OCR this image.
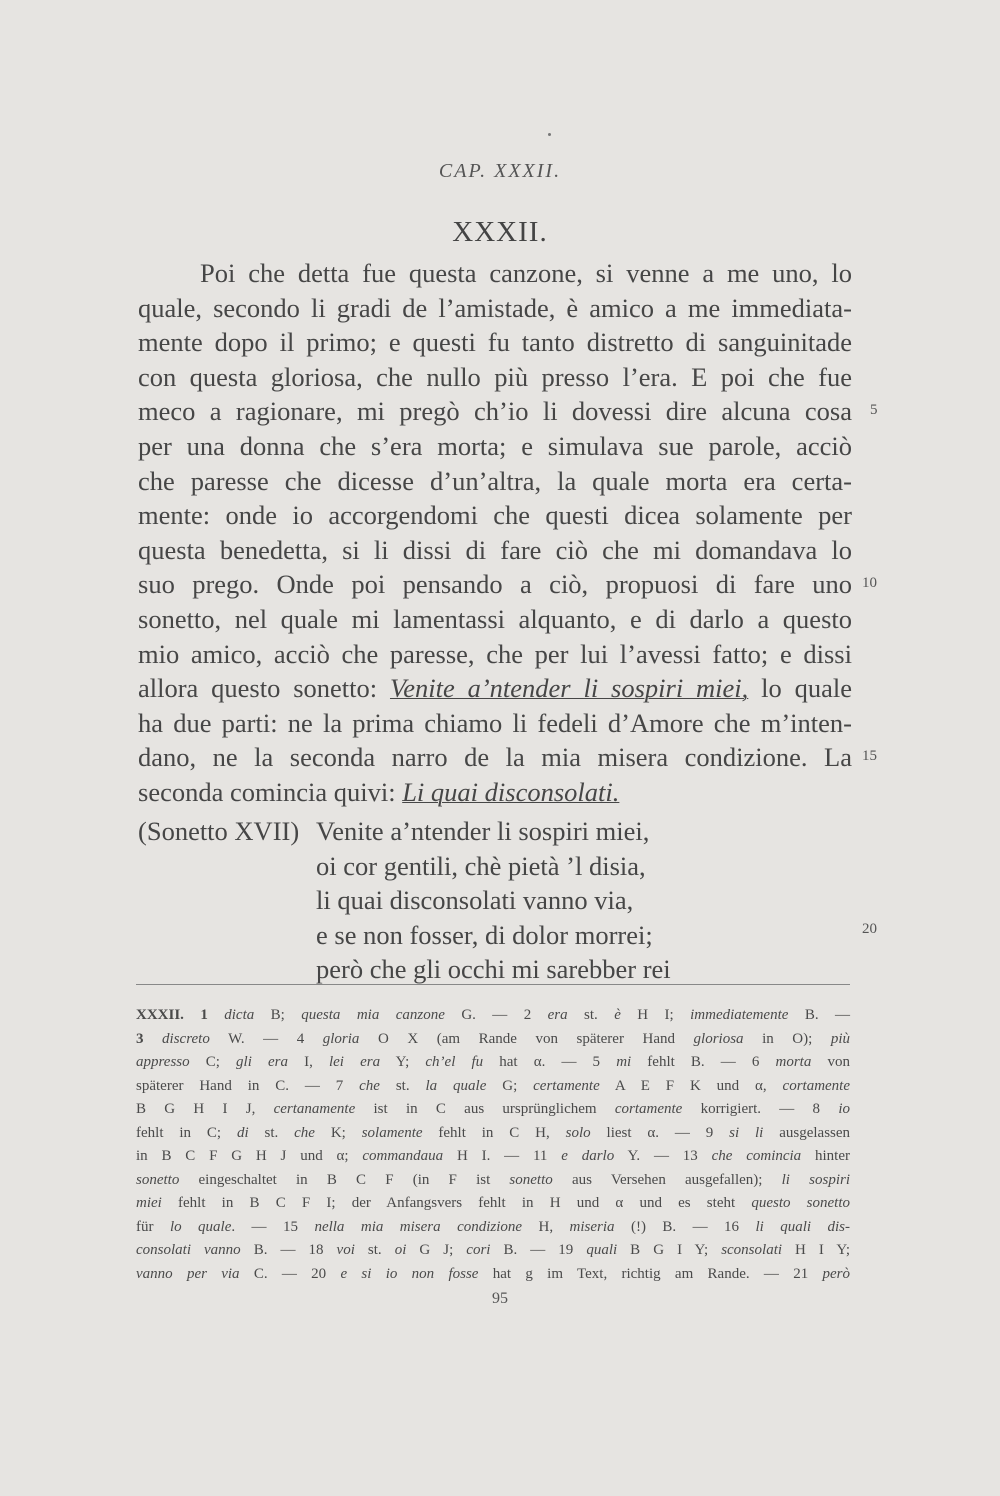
CAP. XXXII.
XXXII.
Poi che detta fue questa canzone, si venne a me uno, lo
quale, secondo li gradi de l’amistade, è amico a me immediata-
mente dopo il primo; e questi fu tanto distretto di sanguinitade
con questa gloriosa, che nullo più presso l’era. E poi che fue
meco a ragionare, mi pregò ch’io li dovessi dire alcuna cosa
per una donna che s’era morta; e simulava sue parole, acciò
che paresse che dicesse d’un’altra, la quale morta era certa-
mente: onde io accorgendomi che questi dicea solamente per
questa benedetta, si li dissi di fare ciò che mi domandava lo
suo prego. Onde poi pensando a ciò, propuosi di fare uno
sonetto, nel quale mi lamentassi alquanto, e di darlo a questo
mio amico, acciò che paresse, che per lui l’avessi fatto; e dissi
allora questo sonetto: Venite a’ntender li sospiri miei, lo quale
ha due parti: ne la prima chiamo li fedeli d’Amore che m’inten-
dano, ne la seconda narro de la mia misera condizione. La
seconda comincia quivi: Li quai disconsolati.
(Sonetto XVII) Venite a’ntender li sospiri miei,
oi cor gentili, chè pietà ’l disia,
li quai disconsolati vanno via,
e se non fosser, di dolor morrei;
però che gli occhi mi sarebber rei
5
10
15
20
XXXII. 1 dicta B; questa mia canzone G. — 2 era st. è H I; immediatemente B. —
3 discreto W. — 4 gloria O X (am Rande von späterer Hand gloriosa in O); più
appresso C; gli era I, lei era Y; ch’el fu hat α. — 5 mi fehlt B. — 6 morta von
späterer Hand in C. — 7 che st. la quale G; certamente A E F K und α, cortamente
B G H I J, certanamente ist in C aus ursprünglichem cortamente korrigiert. — 8 io
fehlt in C; di st. che K; solamente fehlt in C H, solo liest α. — 9 si li ausgelassen
in B C F G H J und α; commandaua H I. — 11 e darlo Y. — 13 che comincia hinter
sonetto eingeschaltet in B C F (in F ist sonetto aus Versehen ausgefallen); li sospiri
miei fehlt in B C F I; der Anfangsvers fehlt in H und α und es steht questo sonetto
für lo quale. — 15 nella mia misera condizione H, miseria (!) B. — 16 li quali dis-
consolati vanno B. — 18 voi st. oi G J; cori B. — 19 quali B G I Y; sconsolati H I Y;
vanno per via C. — 20 e si io non fosse hat g im Text, richtig am Rande. — 21 però
95
